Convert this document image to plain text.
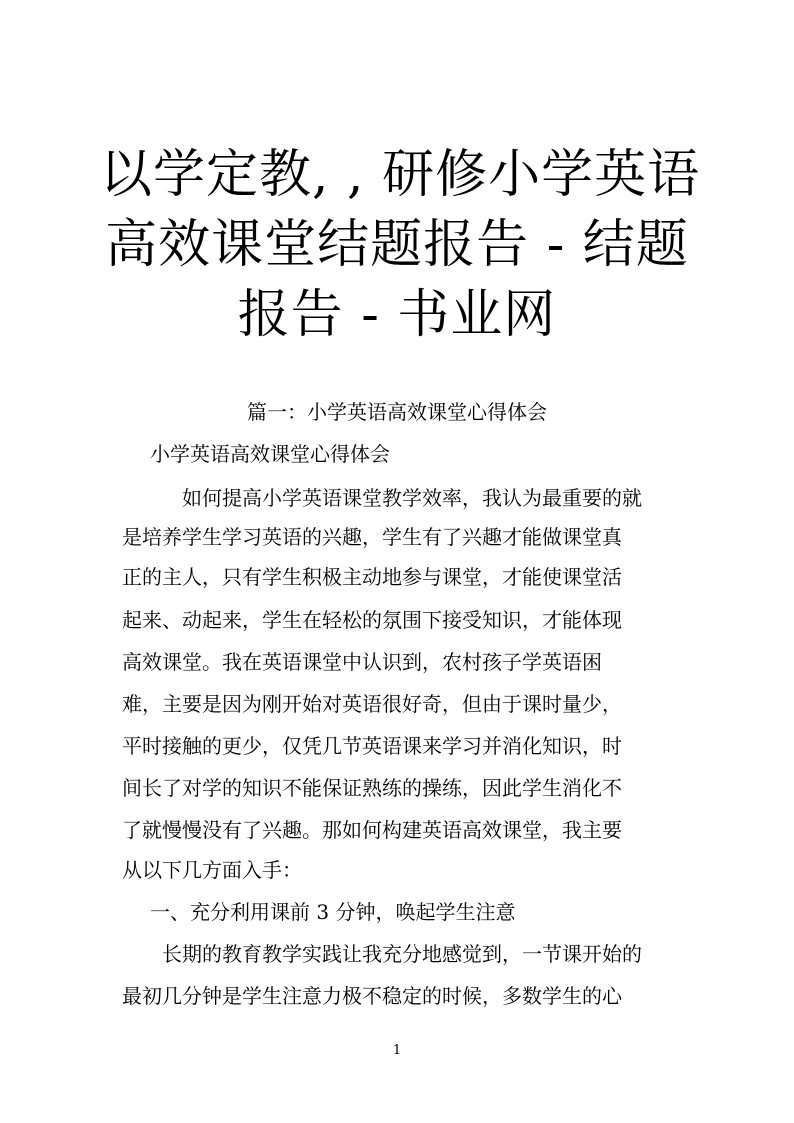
以学定教, , 研修小学英语
高效课堂结题报告 - 结题
报告 - 书业网

篇一：小学英语高效课堂心得体会

小学英语高效课堂心得体会

如何提高小学英语课堂教学效率，我认为最重要的就

是培养学生学习英语的兴趣，学生有了兴趣才能做课堂真

正的主人，只有学生积极主动地参与课堂，才能使课堂活

起来、动起来，学生在轻松的氛围下接受知识，才能体现

高效课堂。我在英语课堂中认识到，农村孩子学英语困

难，主要是因为刚开始对英语很好奇，但由于课时量少，

平时接触的更少，仅凭几节英语课来学习并消化知识，时

间长了对学的知识不能保证熟练的操练，因此学生消化不

了就慢慢没有了兴趣。那如何构建英语高效课堂，我主要

从以下几方面入手：

一、充分利用课前 3 分钟，唤起学生注意

长期的教育教学实践让我充分地感觉到，一节课开始的

最初几分钟是学生注意力极不稳定的时候，多数学生的心

1
